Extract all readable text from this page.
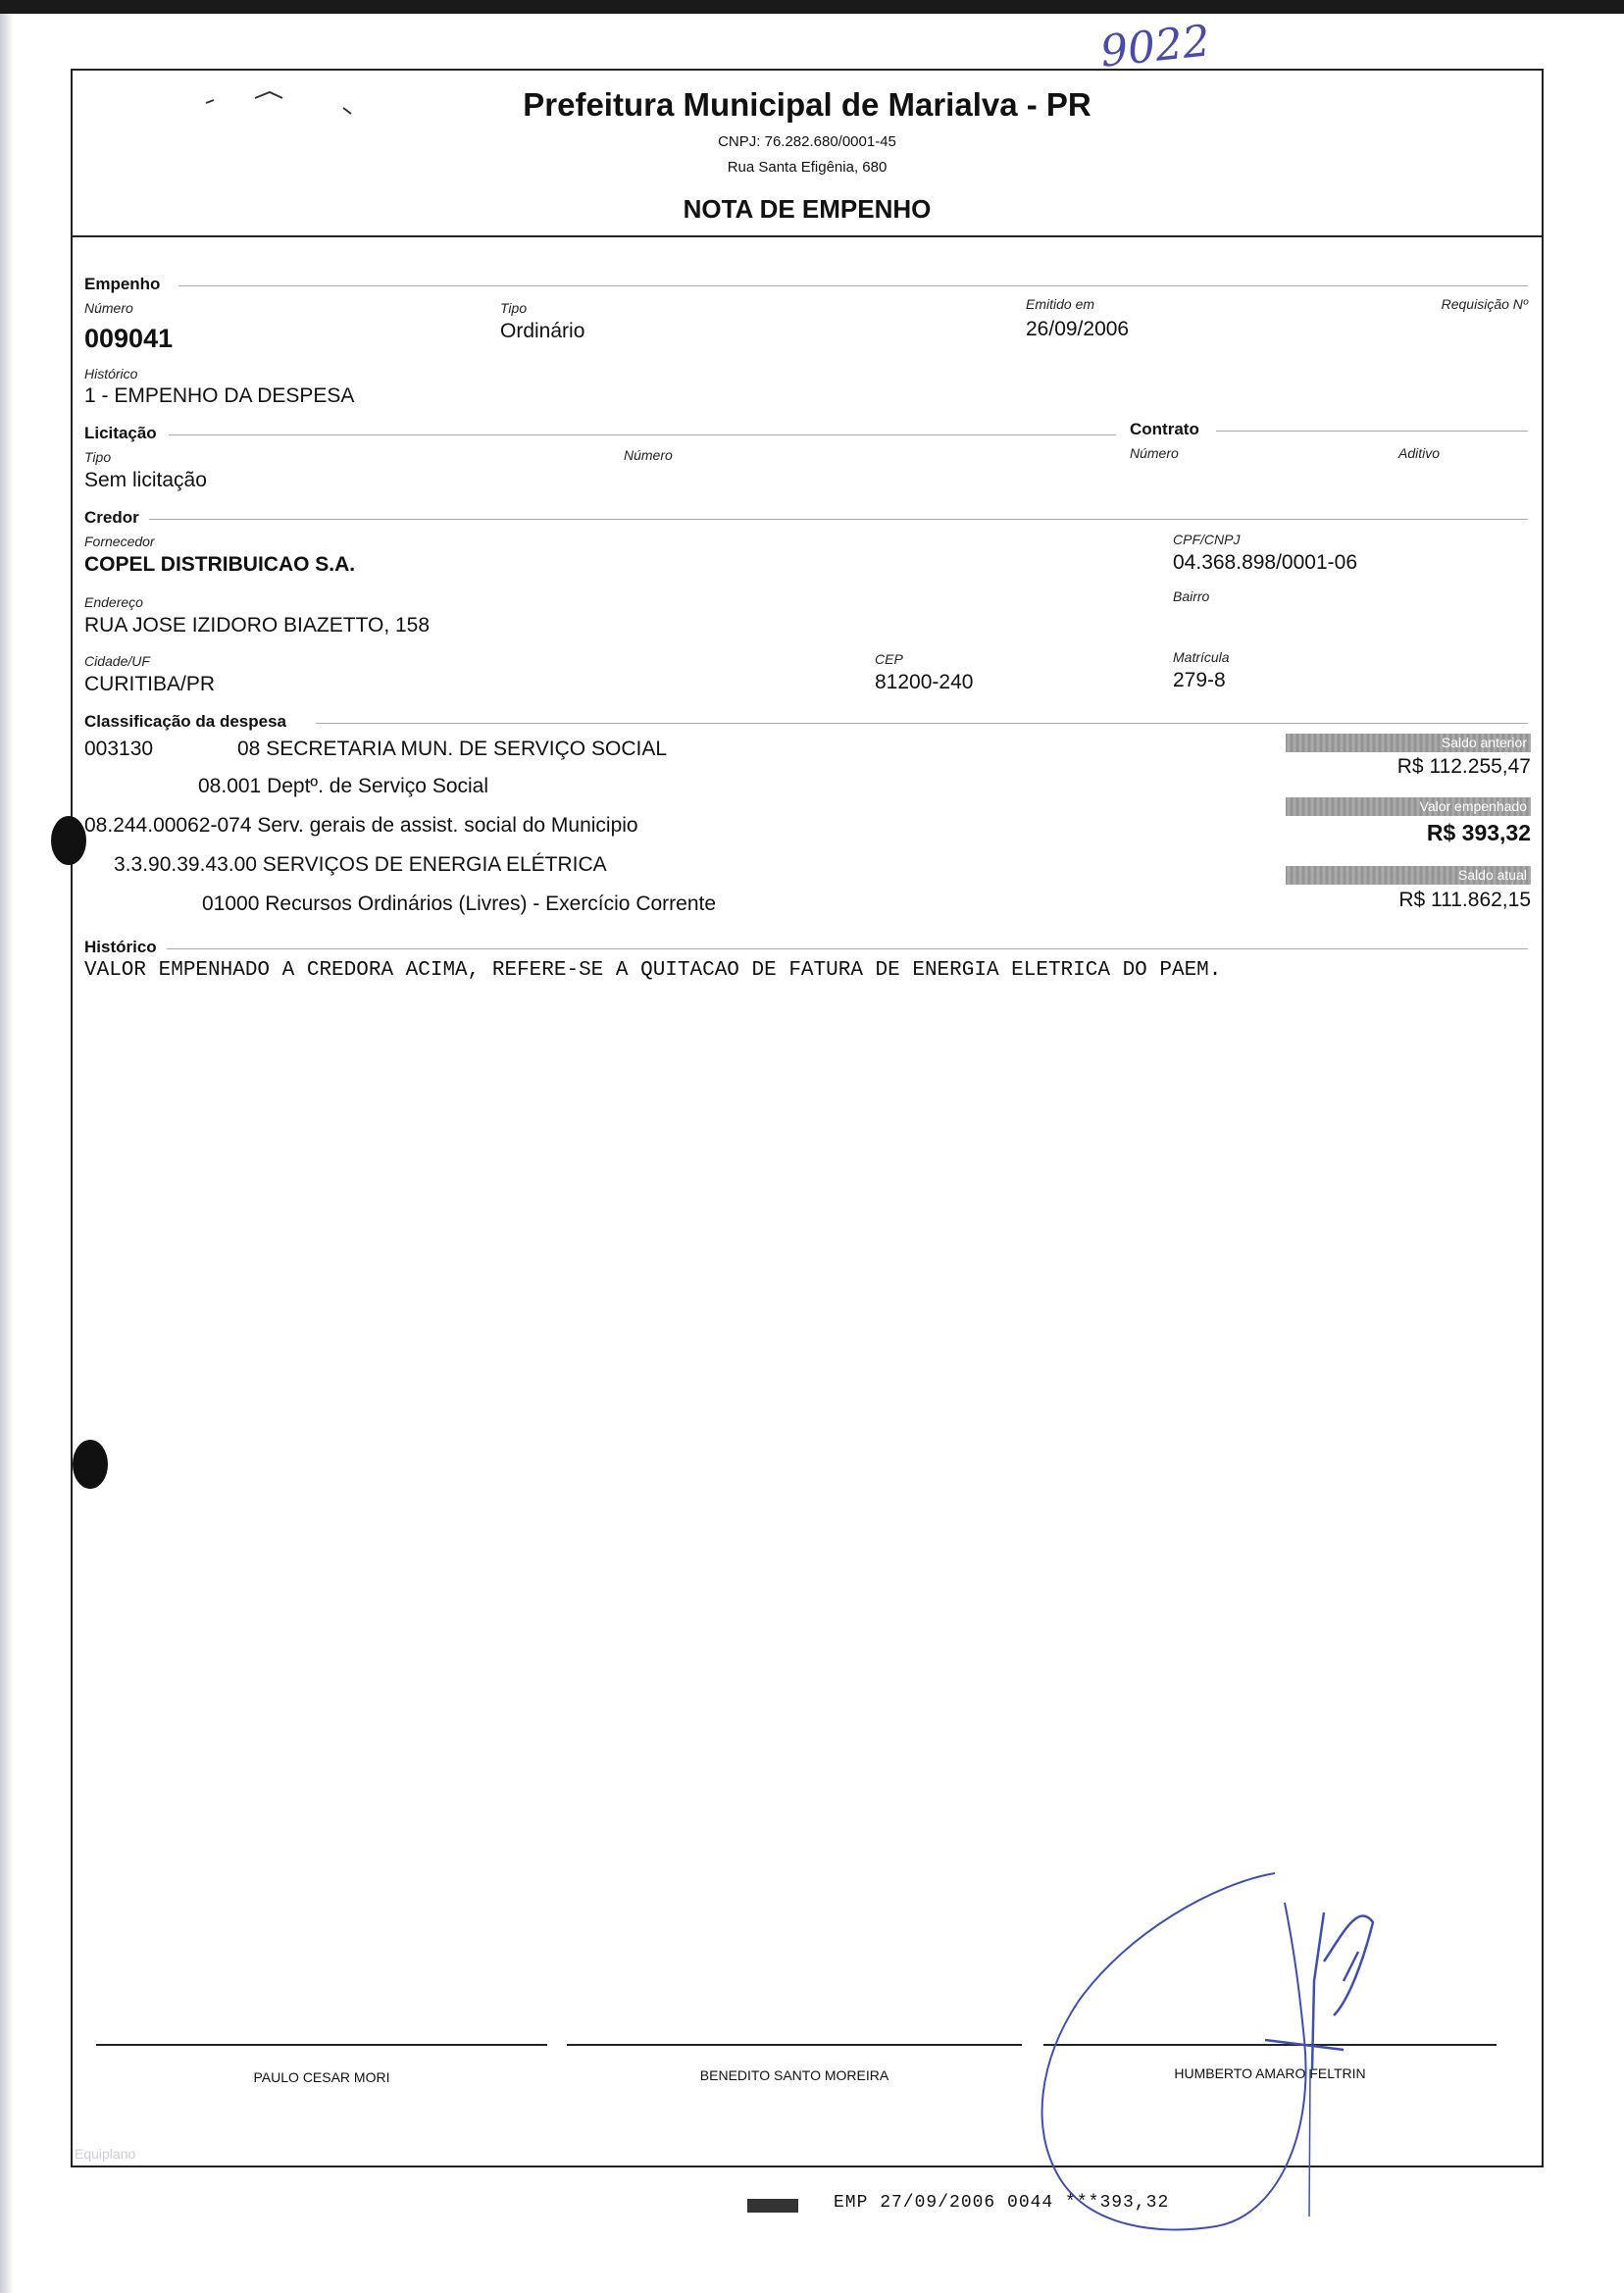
9022
Prefeitura Municipal de Marialva - PR
CNPJ: 76.282.680/0001-45
Rua Santa Efigênia, 680
NOTA DE EMPENHO
Empenho
Número
009041
Tipo
Ordinário
Emitido em
26/09/2006
Requisição Nº
Histórico
1 - EMPENHO DA DESPESA
Licitação	Contrato
Tipo
Sem licitação
Número	Número	Aditivo
Credor
Fornecedor
COPEL DISTRIBUICAO S.A.
CPF/CNPJ
04.368.898/0001-06
Endereço
RUA JOSE IZIDORO BIAZETTO, 158
Bairro
Cidade/UF
CURITIBA/PR
CEP
81200-240
Matrícula
279-8
Classificação da despesa
003130	08 SECRETARIA MUN. DE SERVIÇO SOCIAL
08.001 Deptº. de Serviço Social
08.244.00062-074 Serv. gerais de assist. social do Municipio
3.3.90.39.43.00 SERVIÇOS DE ENERGIA ELÉTRICA
01000 Recursos Ordinários (Livres) - Exercício Corrente
Saldo anterior
R$ 112.255,47
Valor empenhado
R$ 393,32
Saldo atual
R$ 111.862,15
Histórico
VALOR EMPENHADO A CREDORA ACIMA, REFERE-SE A QUITACAO DE FATURA DE ENERGIA ELETRICA DO PAEM.
PAULO CESAR MORI	BENEDITO SANTO MOREIRA	HUMBERTO AMARO FELTRIN
Equiplano
EMP 27/09/2006 0044 ***393,32
